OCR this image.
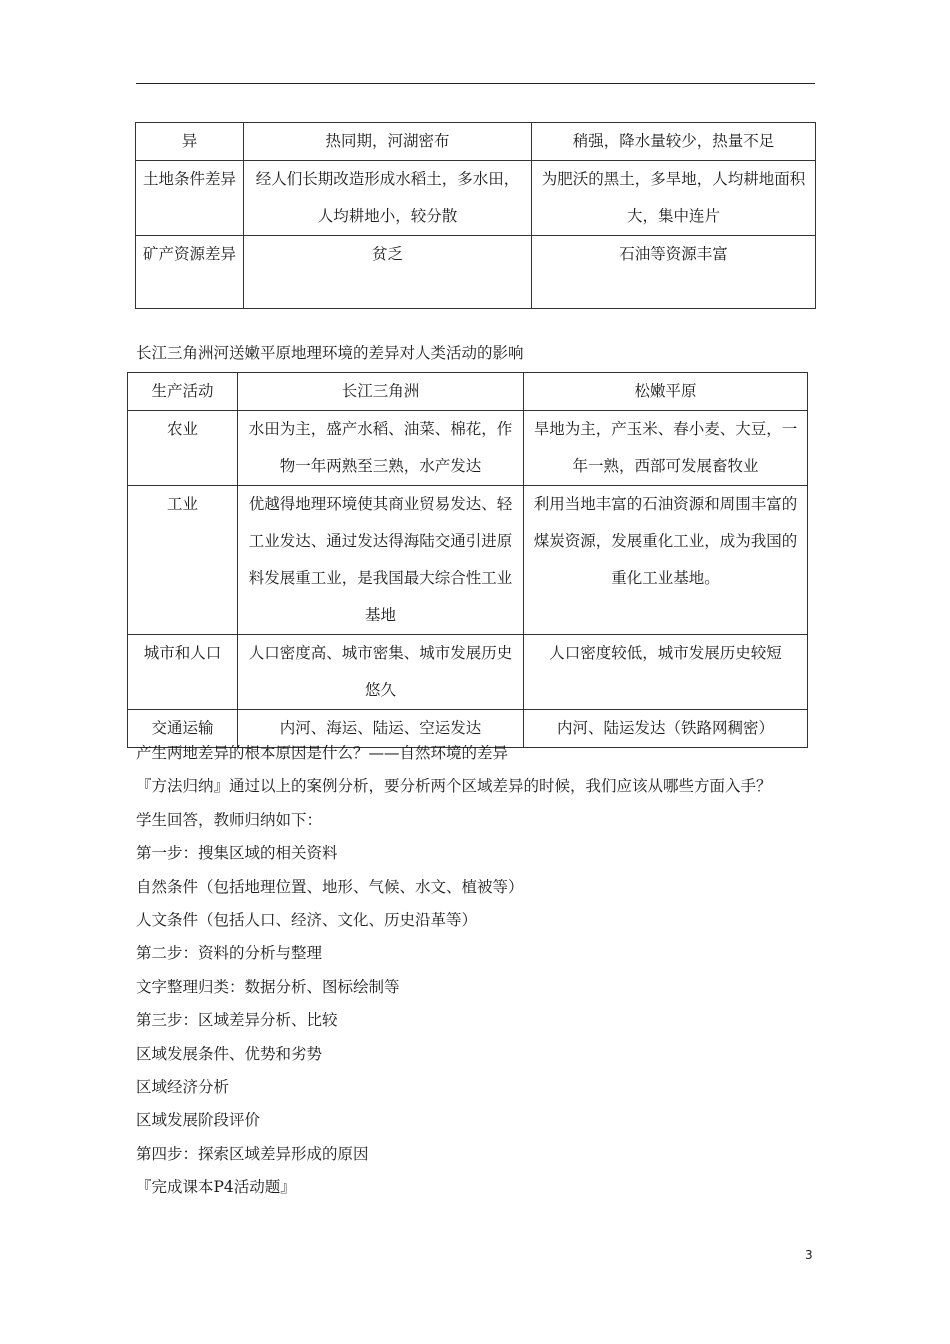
异	热同期，河湖密布	稍强，降水量较少，热量不足
土地条件差异	经人们长期改造形成水稻土，多水田，人均耕地小，较分散	为肥沃的黑土，多旱地，人均耕地面积大，集中连片
矿产资源差异	贫乏	石油等资源丰富
长江三角洲河送嫩平原地理环境的差异对人类活动的影响
生产活动	长江三角洲	松嫩平原
农业	水田为主，盛产水稻、油菜、棉花，作物一年两熟至三熟，水产发达	旱地为主，产玉米、春小麦、大豆，一年一熟，西部可发展畜牧业
工业	优越得地理环境使其商业贸易发达、轻工业发达、通过发达得海陆交通引进原料发展重工业，是我国最大综合性工业基地	利用当地丰富的石油资源和周围丰富的煤炭资源，发展重化工业，成为我国的重化工业基地。
城市和人口	人口密度高、城市密集、城市发展历史悠久	人口密度较低，城市发展历史较短
交通运输	内河、海运、陆运、空运发达	内河、陆运发达（铁路网稠密）

产生两地差异的根本原因是什么？——自然环境的差异

『方法归纳』通过以上的案例分析，要分析两个区域差异的时候，我们应该从哪些方面入手？

学生回答，教师归纳如下：

第一步：搜集区域的相关资料

自然条件（包括地理位置、地形、气候、水文、植被等）

人文条件（包括人口、经济、文化、历史沿革等）

第二步：资料的分析与整理

文字整理归类：数据分析、图标绘制等

第三步：区域差异分析、比较

区域发展条件、优势和劣势

区域经济分析

区域发展阶段评价

第四步：探索区域差异形成的原因

『完成课本P4活动题』

3
